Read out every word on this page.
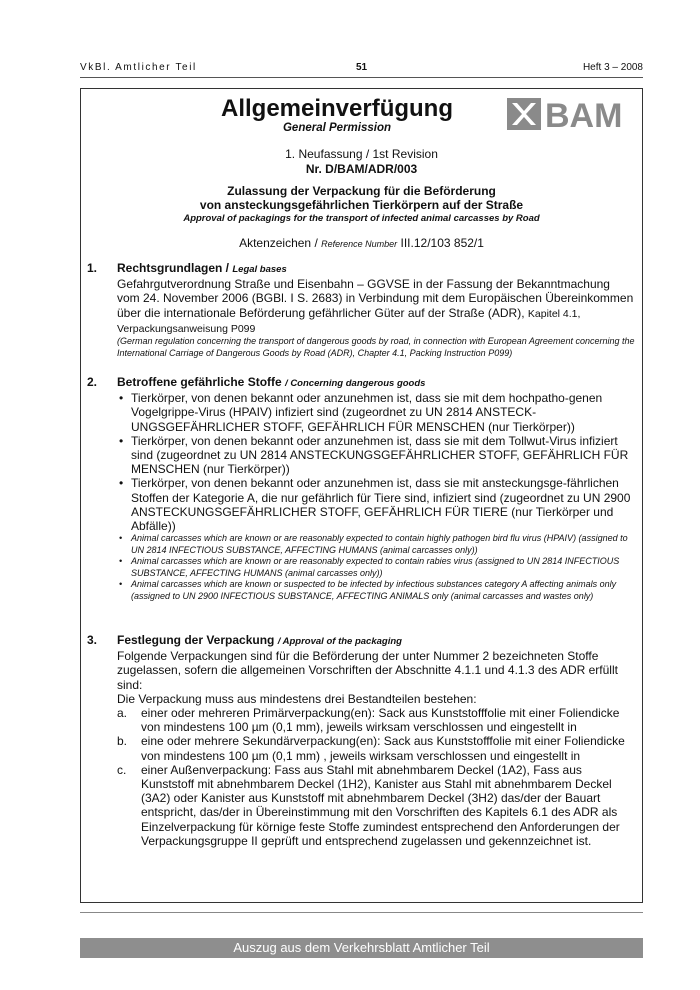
VkBl. Amtlicher Teil	51	Heft 3 – 2008
Allgemeinverfügung
General Permission	BAM
1. Neufassung / 1st Revision
Nr. D/BAM/ADR/003
Zulassung der Verpackung für die Beförderung
von ansteckungsgefährlichen Tierkörpern auf der Straße
Approval of packagings for the transport of infected animal carcasses by Road
Aktenzeichen / Reference Number III.12/103 852/1
1. Rechtsgrundlagen / Legal bases

Gefahrgutverordnung Straße und Eisenbahn – GGVSE in der Fassung der Bekanntmachung vom 24. November 2006 (BGBl. I S. 2683) in Verbindung mit dem Europäischen Übereinkommen über die internationale Beförderung gefährlicher Güter auf der Straße (ADR), Kapitel 4.1, Verpackungsanweisung P099

(German regulation concerning the transport of dangerous goods by road, in connection with European Agreement concerning the International Carriage of Dangerous Goods by Road (ADR), Chapter 4.1, Packing Instruction P099)

2. Betroffene gefährliche Stoffe / Concerning dangerous goods
• Tierkörper, von denen bekannt oder anzunehmen ist, dass sie mit dem hochpatho-genen Vogelgrippe-Virus (HPAIV) infiziert sind (zugeordnet zu UN 2814 ANSTECK-UNGSGEFÄHRLICHER STOFF, GEFÄHRLICH FÜR MENSCHEN (nur Tierkörper))
• Tierkörper, von denen bekannt oder anzunehmen ist, dass sie mit dem Tollwut-Virus infiziert sind (zugeordnet zu UN 2814 ANSTECKUNGSGEFÄHRLICHER STOFF, GEFÄHRLICH FÜR MENSCHEN (nur Tierkörper))
• Tierkörper, von denen bekannt oder anzunehmen ist, dass sie mit ansteckungsge-fährlichen Stoffen der Kategorie A, die nur gefährlich für Tiere sind, infiziert sind (zugeordnet zu UN 2900 ANSTECKUNGSGEFÄHRLICHER STOFF, GEFÄHRLICH FÜR TIERE (nur Tierkörper und Abfälle))
• Animal carcasses which are known or are reasonably expected to contain highly pathogen bird flu virus (HPAIV) (assigned to UN 2814 INFECTIOUS SUBSTANCE, AFFECTING HUMANS (animal carcasses only))
• Animal carcasses which are known or are reasonably expected to contain rabies virus (assigned to UN 2814 INFECTIOUS SUBSTANCE, AFFECTING HUMANS (animal carcasses only))
• Animal carcasses which are known or suspected to be infected by infectious substances category A affecting animals only (assigned to UN 2900 INFECTIOUS SUBSTANCE, AFFECTING ANIMALS only (animal carcasses and wastes only)
3. Festlegung der Verpackung / Approval of the packaging

Folgende Verpackungen sind für die Beförderung der unter Nummer 2 bezeichneten Stoffe zugelassen, sofern die allgemeinen Vorschriften der Abschnitte 4.1.1 und 4.1.3 des ADR erfüllt sind:

Die Verpackung muss aus mindestens drei Bestandteilen bestehen:

a. einer oder mehreren Primärverpackung(en): Sack aus Kunststofffolie mit einer Foliendicke von mindestens 100 µm (0,1 mm), jeweils wirksam verschlossen und eingestellt in
b. eine oder mehrere Sekundärverpackung(en): Sack aus Kunststofffolie mit einer Foliendicke von mindestens 100 µm (0,1 mm) , jeweils wirksam verschlossen und eingestellt in
c. einer Außenverpackung: Fass aus Stahl mit abnehmbarem Deckel (1A2), Fass aus Kunststoff mit abnehmbarem Deckel (1H2), Kanister aus Stahl mit abnehmbarem Deckel (3A2) oder Kanister aus Kunststoff mit abnehmbarem Deckel (3H2) das/der der Bauart entspricht, das/der in Übereinstimmung mit den Vorschriften des Kapitels 6.1 des ADR als Einzelverpackung für körnige feste Stoffe zumindest entsprechend den Anforderungen der Verpackungsgruppe II geprüft und entsprechend zugelassen und gekennzeichnet ist.
Auszug aus dem Verkehrsblatt Amtlicher Teil
